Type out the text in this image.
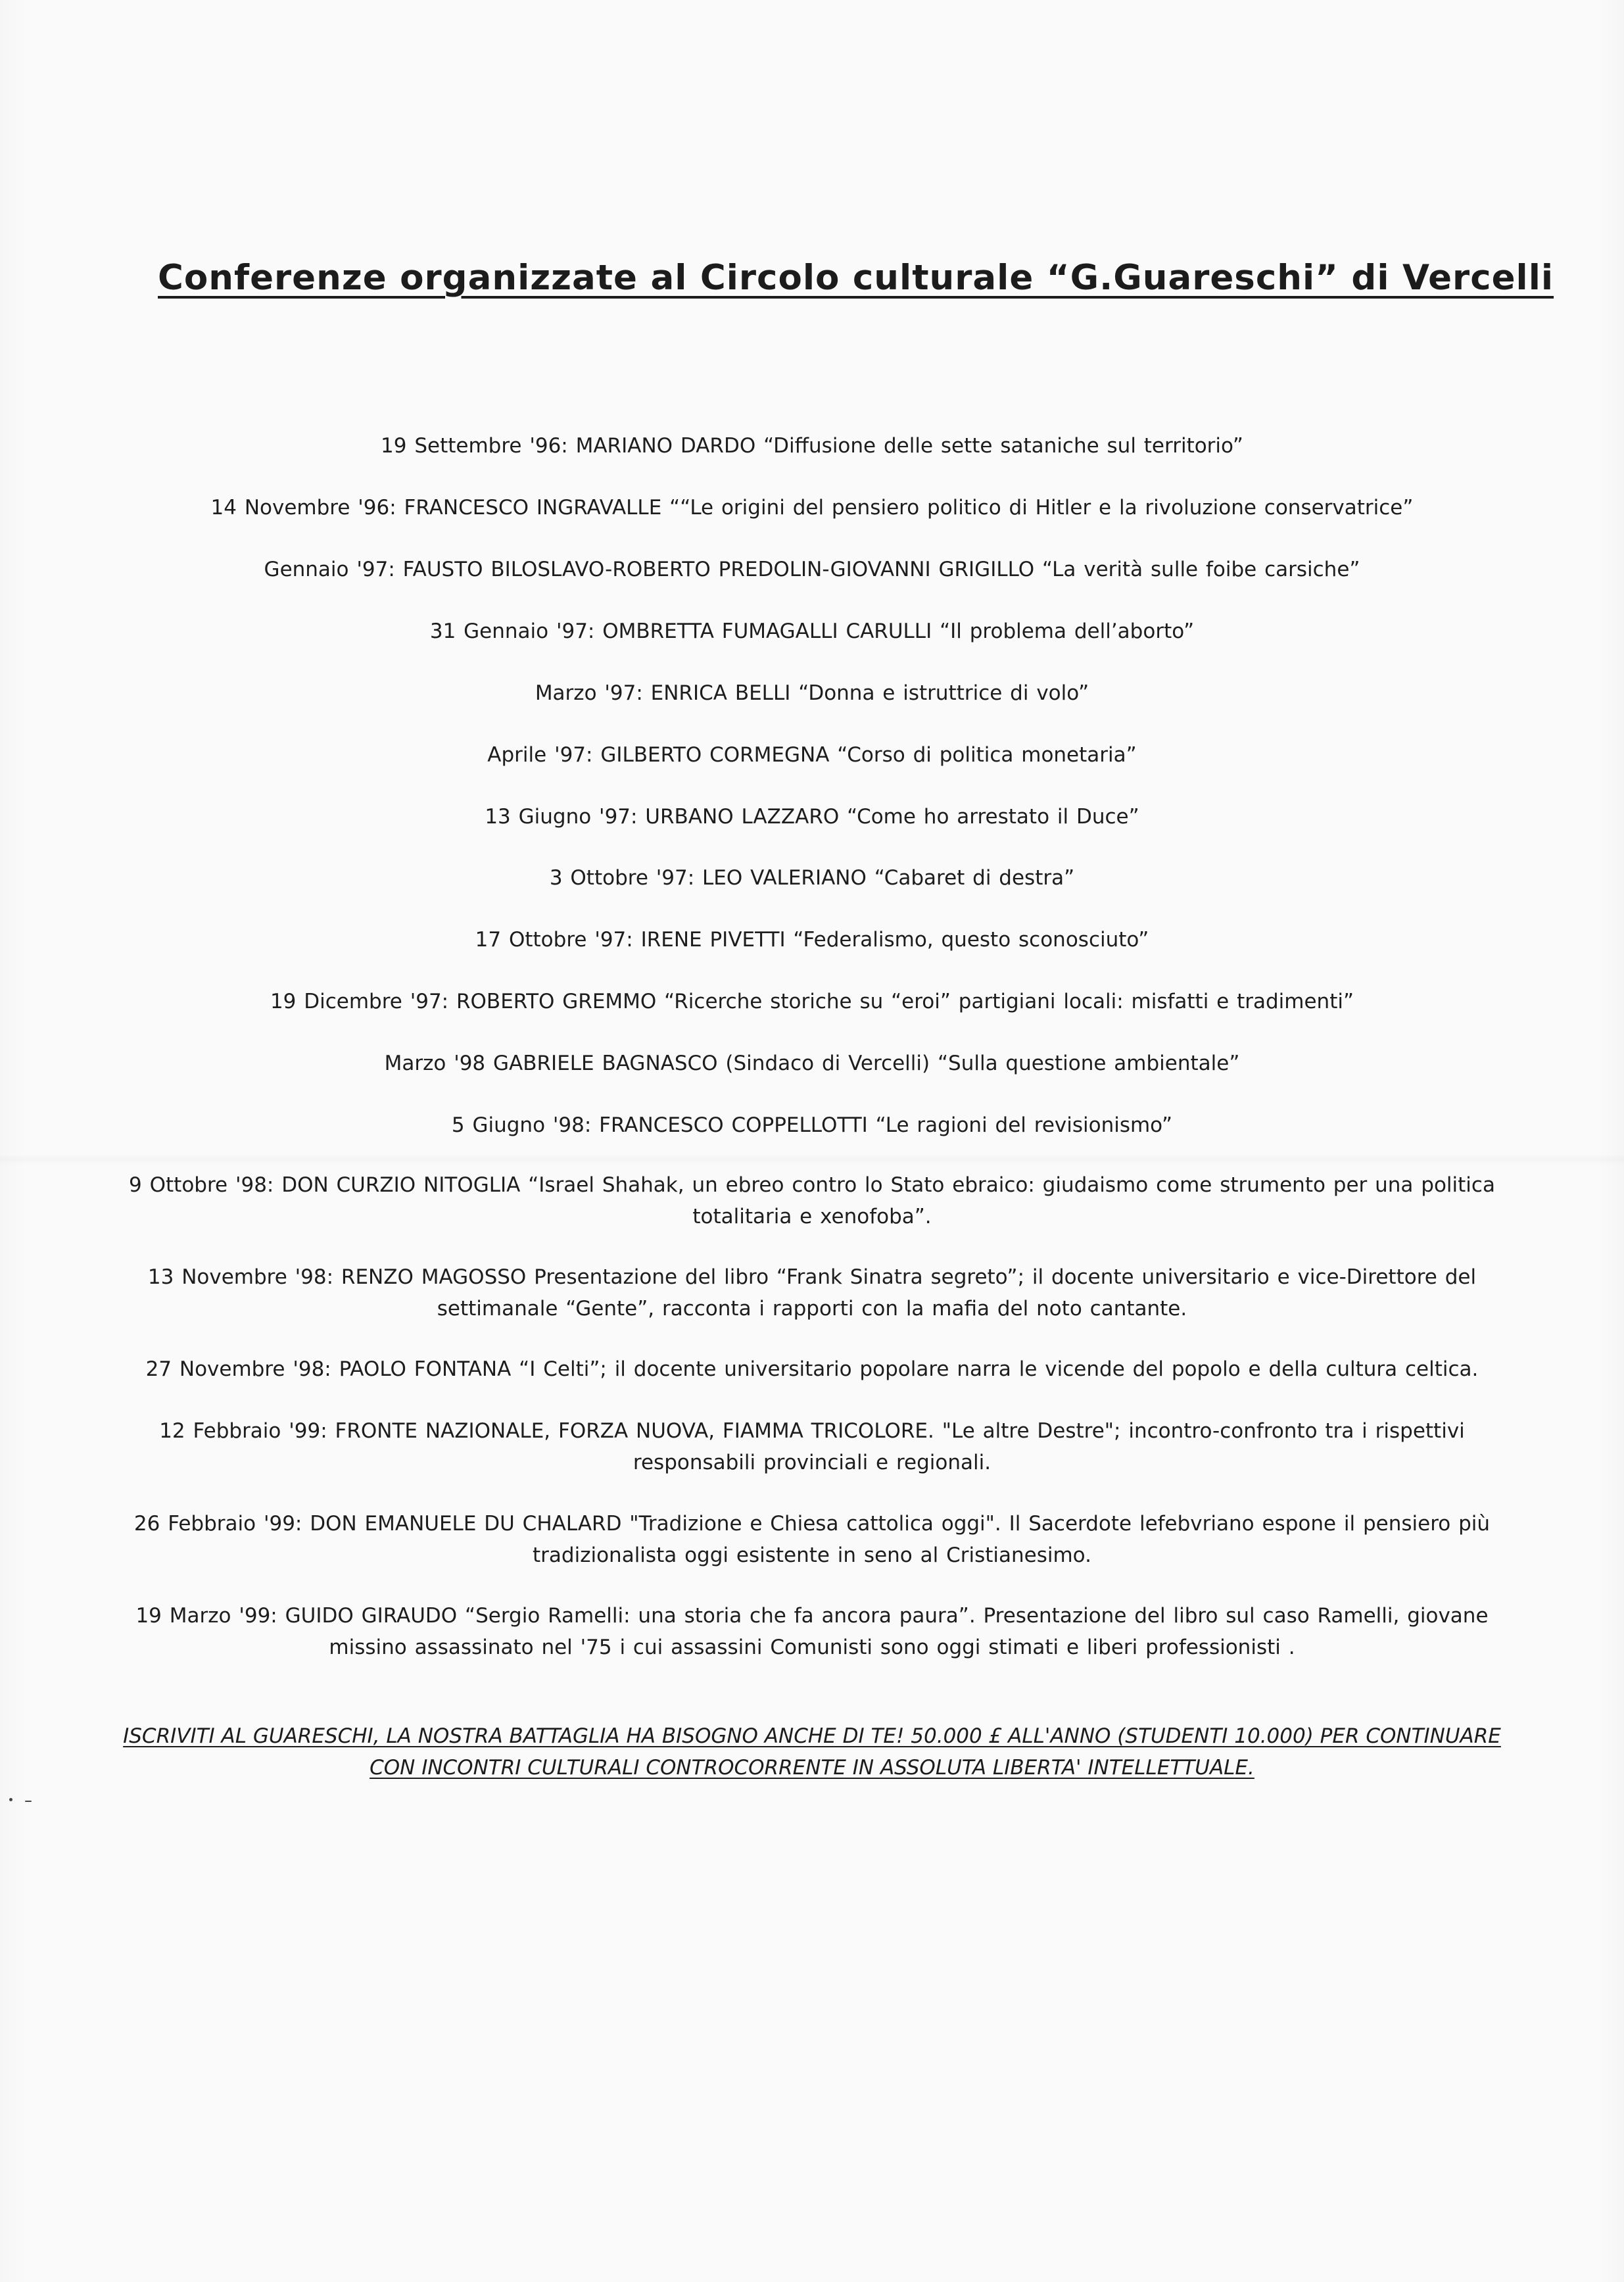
Conferenze organizzate al Circolo culturale “G.Guareschi” di Vercelli
19 Settembre '96: MARIANO DARDO “Diffusione delle sette sataniche sul territorio”
14 Novembre '96: FRANCESCO INGRAVALLE ““Le origini del pensiero politico di Hitler e la rivoluzione conservatrice”
Gennaio '97: FAUSTO BILOSLAVO-ROBERTO PREDOLIN-GIOVANNI GRIGILLO “La verità sulle foibe carsiche”
31 Gennaio '97: OMBRETTA FUMAGALLI CARULLI “Il problema dell’aborto”
Marzo '97: ENRICA BELLI “Donna e istruttrice di volo”
Aprile '97: GILBERTO CORMEGNA “Corso di politica monetaria”
13 Giugno '97: URBANO LAZZARO “Come ho arrestato il Duce”
3 Ottobre '97: LEO VALERIANO “Cabaret di destra”
17 Ottobre '97: IRENE PIVETTI “Federalismo, questo sconosciuto”
19 Dicembre '97: ROBERTO GREMMO “Ricerche storiche su “eroi” partigiani locali: misfatti e tradimenti”
Marzo '98 GABRIELE BAGNASCO (Sindaco di Vercelli) “Sulla questione ambientale”
5 Giugno '98: FRANCESCO COPPELLOTTI “Le ragioni del revisionismo”
9 Ottobre '98: DON CURZIO NITOGLIA “Israel Shahak, un ebreo contro lo Stato ebraico: giudaismo come strumento per una politica totalitaria e xenofoba”.
13 Novembre '98: RENZO MAGOSSO Presentazione del libro “Frank Sinatra segreto”; il docente universitario e vice-Direttore del settimanale “Gente”, racconta i rapporti con la mafia del noto cantante.
27 Novembre '98: PAOLO FONTANA “I Celti”; il docente universitario popolare narra le vicende del popolo e della cultura celtica.
12 Febbraio '99: FRONTE NAZIONALE, FORZA NUOVA, FIAMMA TRICOLORE. "Le altre Destre"; incontro-confronto tra i rispettivi responsabili provinciali e regionali.
26 Febbraio '99: DON EMANUELE DU CHALARD "Tradizione e Chiesa cattolica oggi". Il Sacerdote lefebvriano espone il pensiero più tradizionalista oggi esistente in seno al Cristianesimo.
19 Marzo '99: GUIDO GIRAUDO “Sergio Ramelli: una storia che fa ancora paura”. Presentazione del libro sul caso Ramelli, giovane missino assassinato nel '75 i cui assassini Comunisti sono oggi stimati e liberi professionisti .
ISCRIVITI AL GUARESCHI, LA NOSTRA BATTAGLIA HA BISOGNO ANCHE DI TE! 50.000 £ ALL'ANNO (STUDENTI 10.000) PER CONTINUARE CON INCONTRI CULTURALI CONTROCORRENTE IN ASSOLUTA LIBERTA' INTELLETTUALE.
